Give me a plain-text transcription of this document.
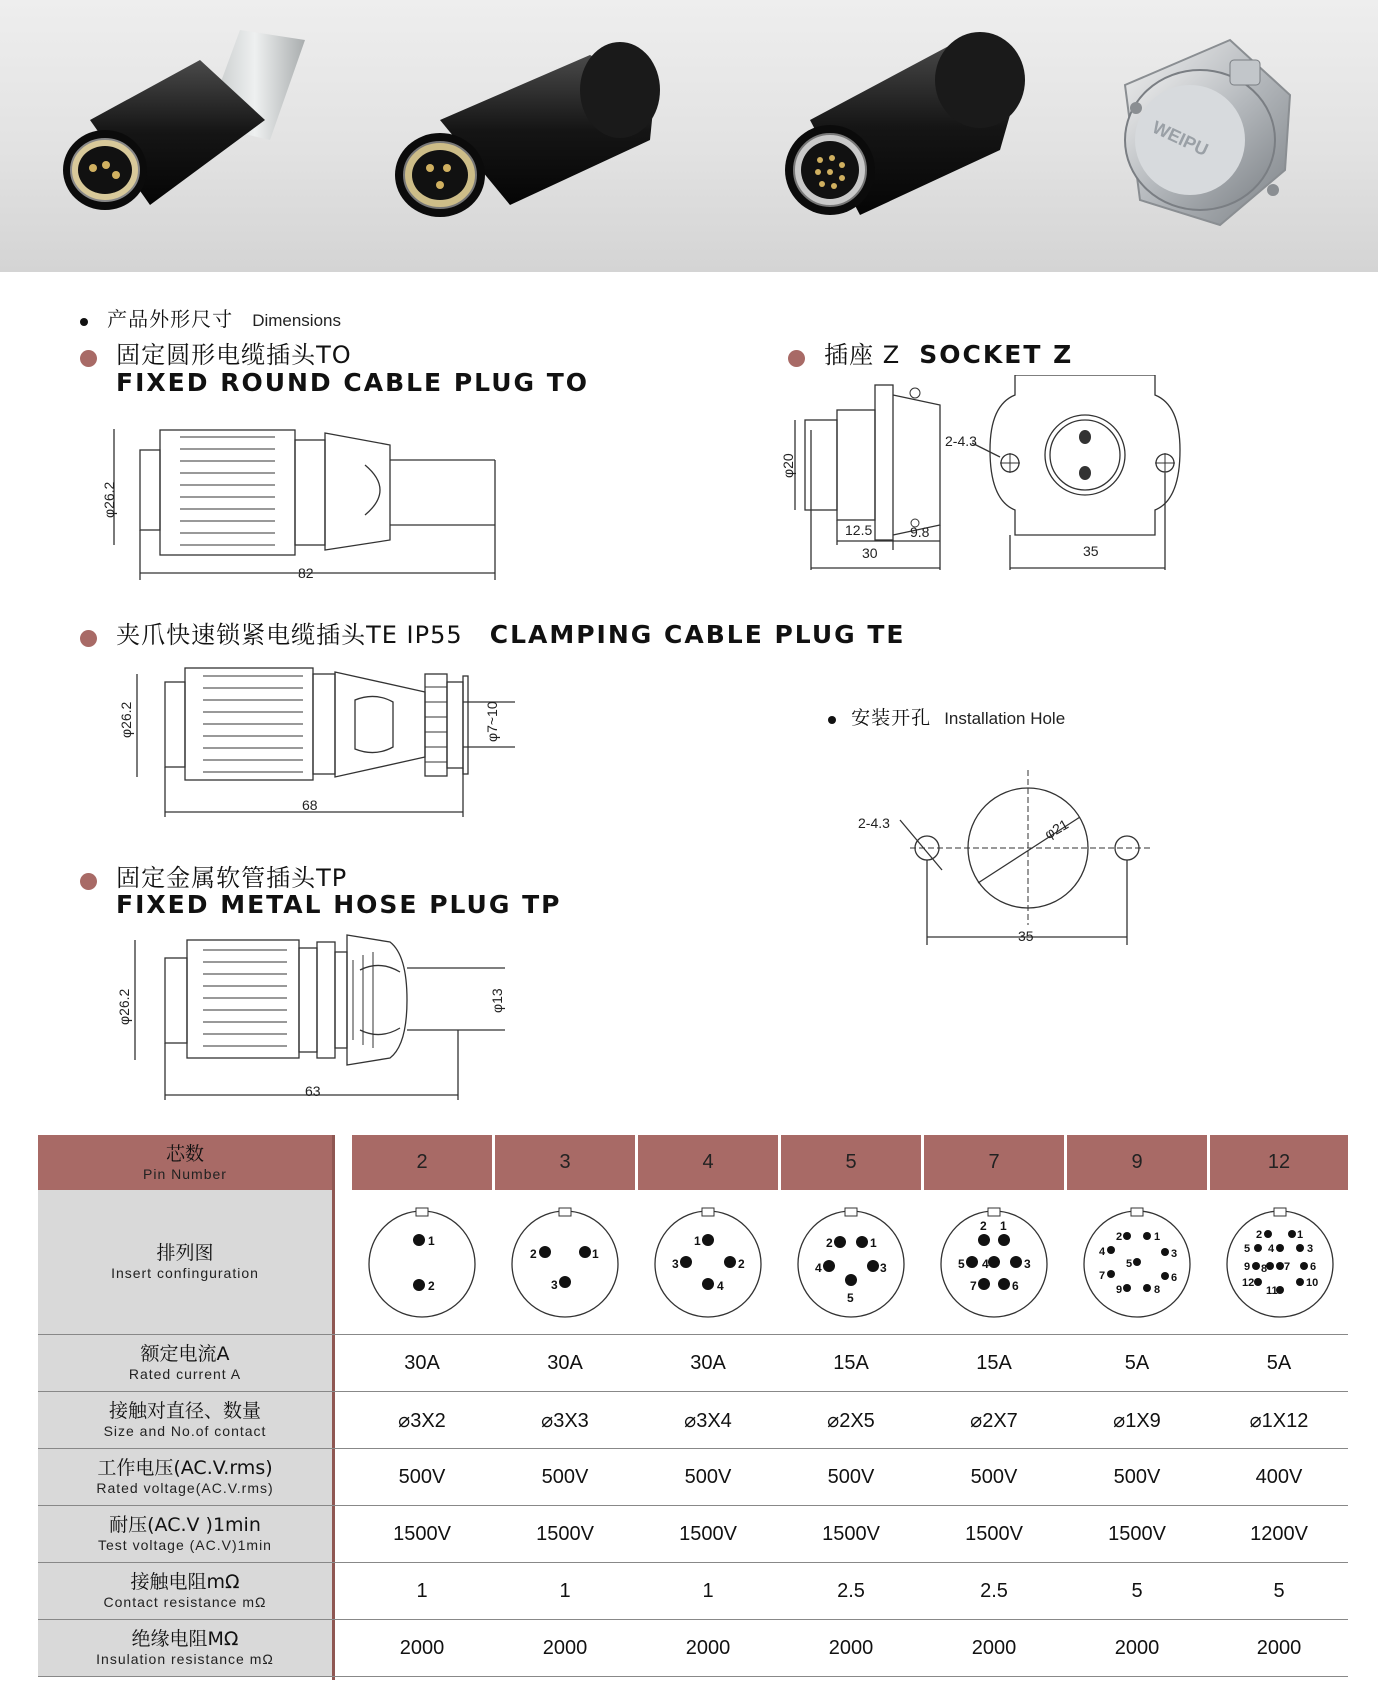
WEIPU
产品外形尺寸 Dimensions
固定圆形电缆插头TO
FIXED ROUND CABLE PLUG TO
φ26.2
82
插座 Z SOCKET Z
φ20
12.5	9.8
30
2-4.3
35
夹爪快速锁紧电缆插头TE IP55 CLAMPING CABLE PLUG TE
φ26.2	φ7~10
68
安装开孔 Installation Hole
2-4.3	φ21
35
固定金属软管插头TP
FIXED METAL HOSE PLUG TP
φ26.2	φ13
63
芯数
Pin Number
2	3	4	5	7	9	12
排列图
Insert confinguration
1
2
1
2
3
1
2
3
4
1
2
3
4
5
1
2
3
4
5
6
7
1
2
3
4
5
6
7
8
9
1
2
3
4
5
6
7
8
9
10
11
12
额定电流A
Rated current A
30A	30A	30A	15A	15A	5A	5A
接触对直径、数量
Size and No.of contact	⌀3X2	⌀3X3	⌀3X4	⌀2X5	⌀2X7	⌀1X9	⌀1X12
工作电压(AC.V.rms)
Rated voltage(AC.V.rms)
500V	500V	500V	500V	500V	500V	400V
耐压(AC.V )1min
Test voltage (AC.V)1min
1500V	1500V	1500V	1500V	1500V	1500V	1200V
接触电阻mΩ
Contact resistance mΩ
1	1	1	2.5	2.5	5	5
绝缘电阻MΩ
Insulation resistance mΩ
2000	2000	2000	2000	2000	2000	2000
